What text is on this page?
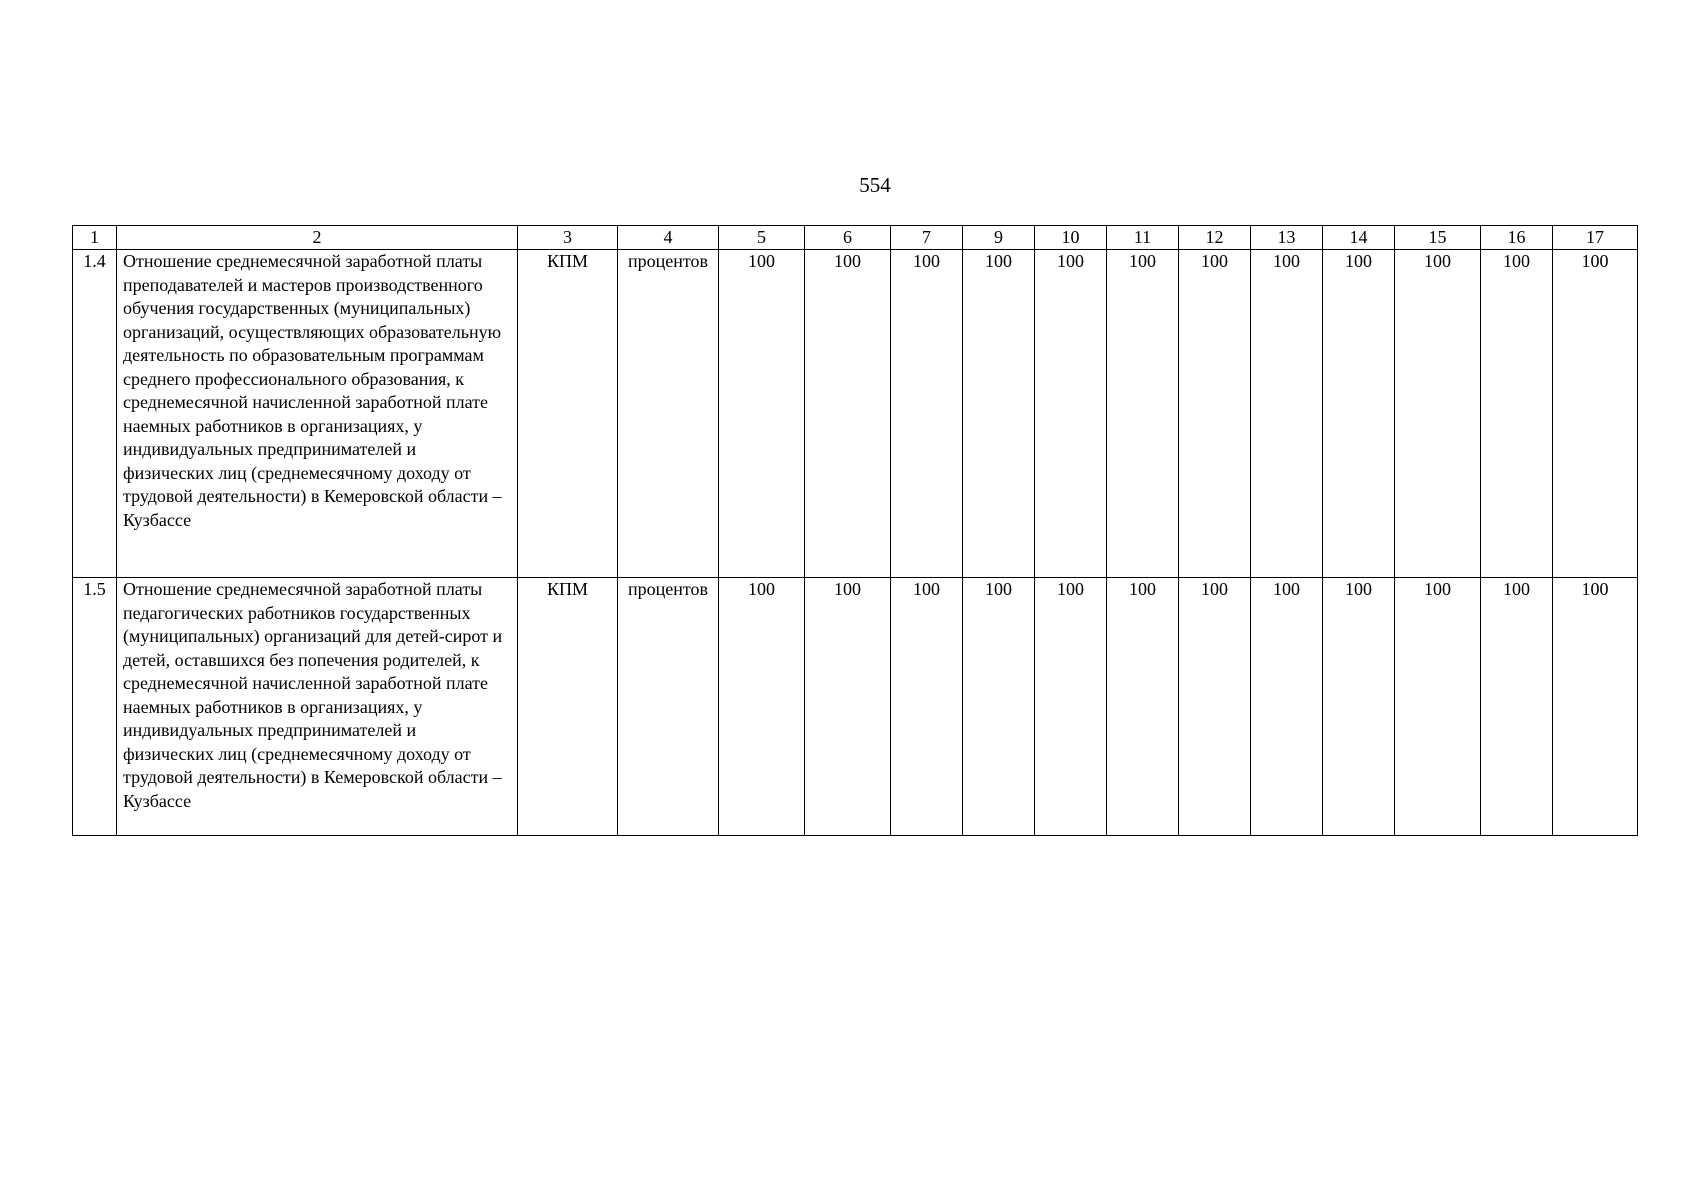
554
1	2	3	4	5	6	7	9	10	11	12	13	14	15	16	17
1.4	Отношение среднемесячной заработной платы преподавателей и мастеров производственного обучения государственных (муниципальных) организаций, осуществляющих образовательную деятельность по образовательным программам среднего профессионального образования, к среднемесячной начисленной заработной плате наемных работников в организациях, у индивидуальных предпринимателей и физических лиц (среднемесячному доходу от трудовой деятельности) в Кемеровской области – Кузбассе	КПМ	процентов	100	100	100	100	100	100	100	100	100	100	100	100
1.5	Отношение среднемесячной заработной платы педагогических работников государственных (муниципальных) организаций для детей-сирот и детей, оставшихся без попечения родителей, к среднемесячной начисленной заработной плате наемных работников в организациях, у индивидуальных предпринимателей и физических лиц (среднемесячному доходу от трудовой деятельности) в Кемеровской области – Кузбассе	КПМ	процентов	100	100	100	100	100	100	100	100	100	100	100	100
